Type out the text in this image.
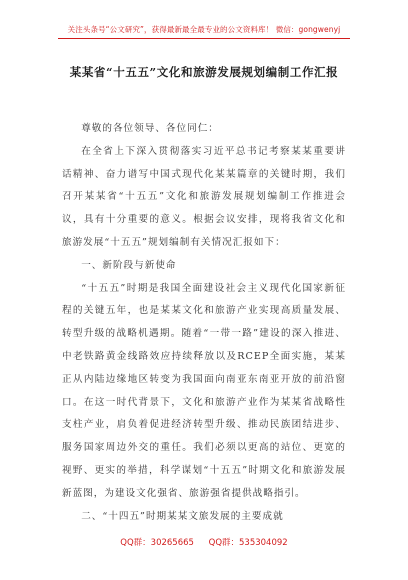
关注头条号“公文研究”，获得最新最全最专业的公文资料库！ 微信：gongwenyj
某某省“十五五”文化和旅游发展规划编制工作汇报

尊敬的各位领导、各位同仁：

在全省上下深入贯彻落实习近平总书记考察某某重要讲话精神、奋力谱写中国式现代化某某篇章的关键时期，我们召开某某省“十五五”文化和旅游发展规划编制工作推进会议，具有十分重要的意义。根据会议安排，现将我省文化和旅游发展“十五五”规划编制有关情况汇报如下：

一、新阶段与新使命

“十五五”时期是我国全面建设社会主义现代化国家新征程的关键五年，也是某某文化和旅游产业实现高质量发展、转型升级的战略机遇期。随着“一带一路”建设的深入推进、中老铁路黄金线路效应持续释放以及RCEP全面实施，某某正从内陆边缘地区转变为我国面向南亚东南亚开放的前沿窗口。在这一时代背景下，文化和旅游产业作为某某省战略性支柱产业，肩负着促进经济转型升级、推动民族团结进步、服务国家周边外交的重任。我们必须以更高的站位、更宽的视野、更实的举措，科学谋划“十五五”时期文化和旅游发展新蓝图，为建设文化强省、旅游强省提供战略指引。

二、“十四五”时期某某文旅发展的主要成就

QQ群：30265665 QQ群：535304092
